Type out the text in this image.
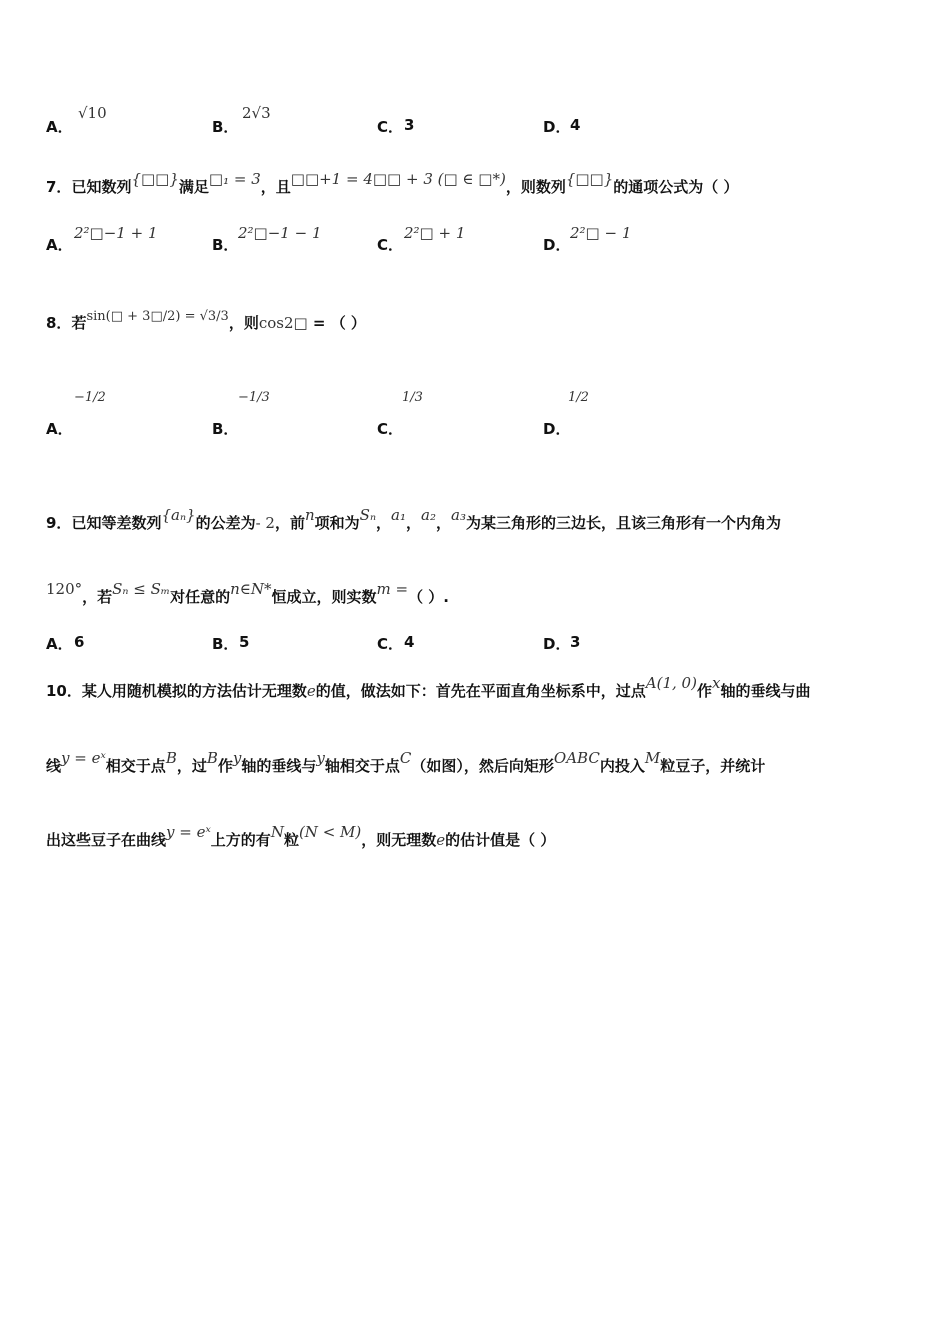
A．
√10
B．
2√3
C． 3	D． 4
7．已知数列{□□}满足□₁ = 3，且□□+1 = 4□□ + 3 (□ ∈ □*)，则数列{□□}的通项公式为（ ）
A．
2²□−1 + 1
B．
2²□−1 − 1
C．
2²□ + 1
D．
2²□ − 1
8．若sin(□ + 3□/2) = √3/3，则cos2□ = （ ）
A．
−1/2
B．
−1/3
C．
1/3
D．
1/2
9．已知等差数列{aₙ}的公差为- 2，前n项和为Sₙ，a₁，a₂，a₃为某三角形的三边长，且该三角形有一个内角为
120°，若Sₙ ≤ Sₘ对任意的n∈N*恒成立，则实数m =（ ）.
A． 6	B． 5	C． 4	D． 3
10．某人用随机模拟的方法估计无理数e的值，做法如下：首先在平面直角坐标系中，过点A(1, 0)作x轴的垂线与曲
线y = eˣ相交于点B，过B作y轴的垂线与y轴相交于点C（如图），然后向矩形OABC内投入M粒豆子，并统计
出这些豆子在曲线y = eˣ上方的有N粒(N < M)，则无理数e的估计值是（ ）
